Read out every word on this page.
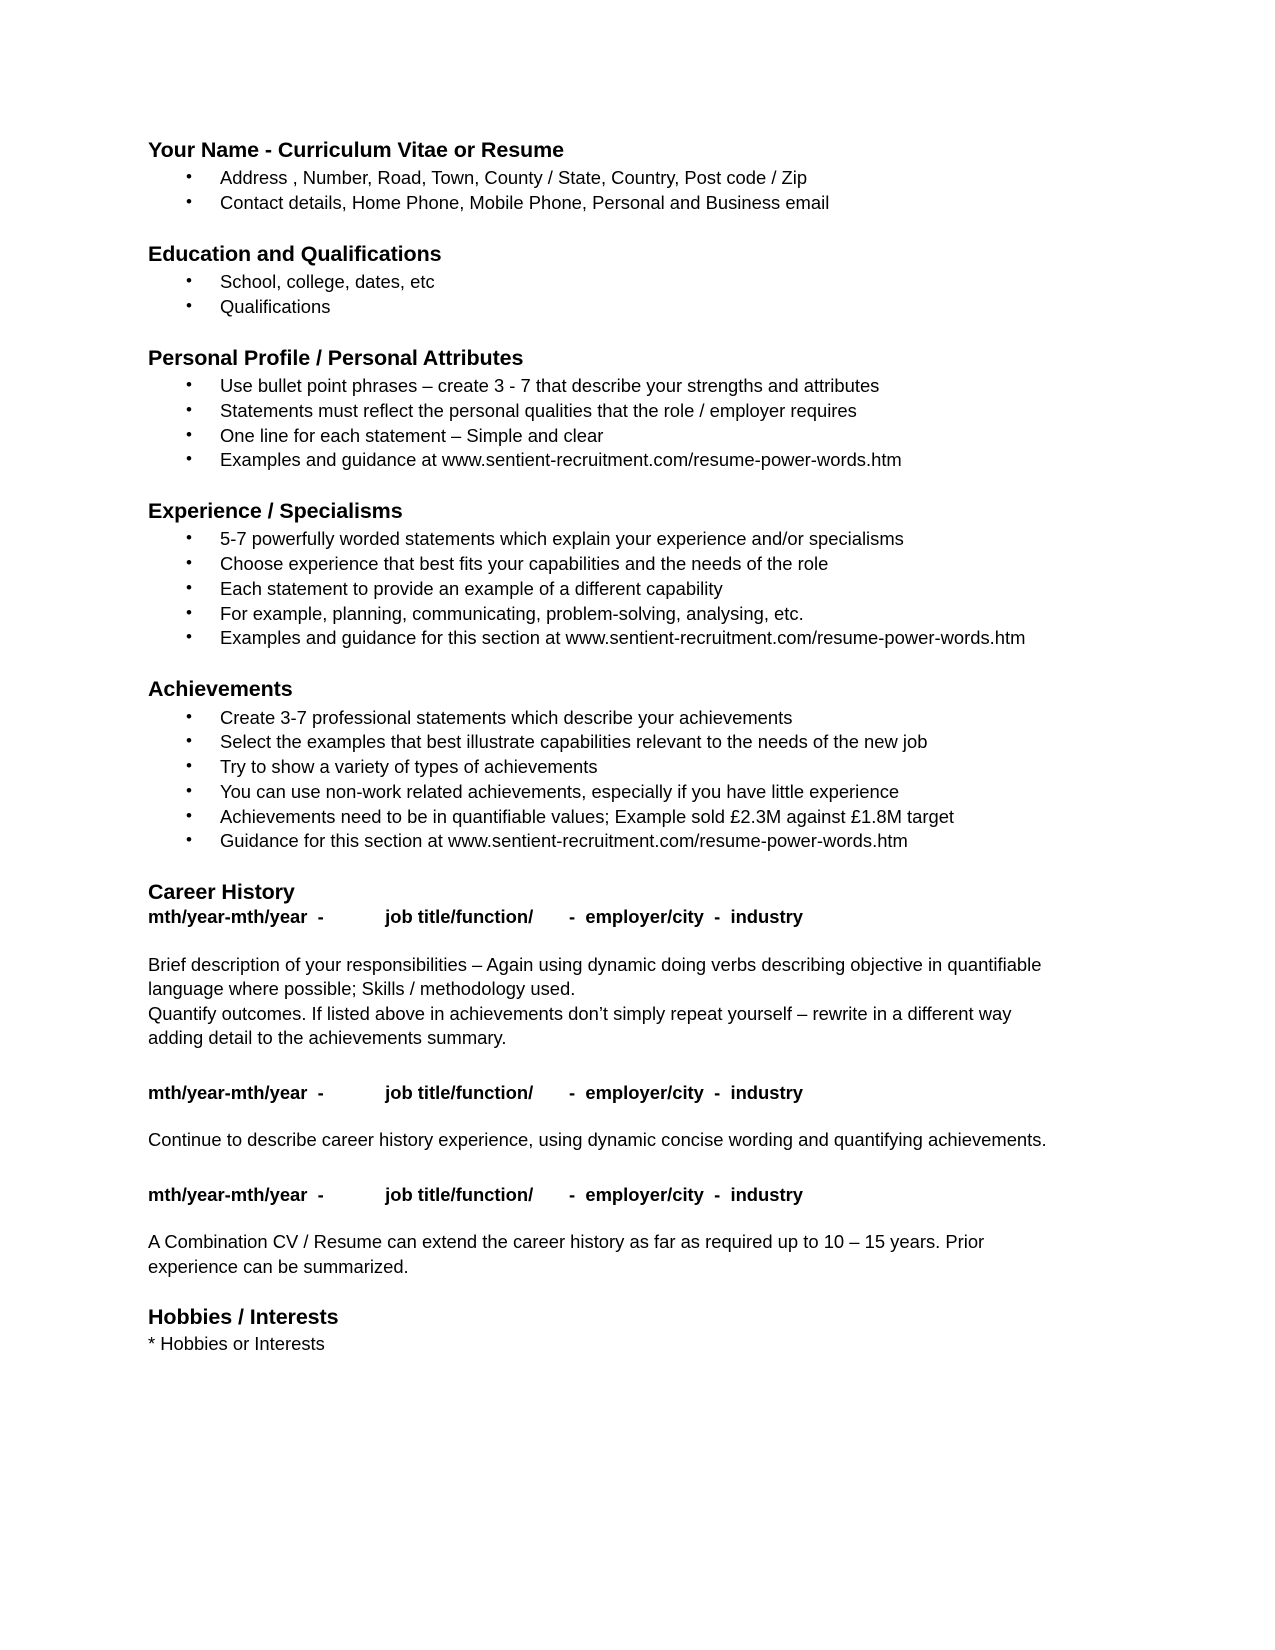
Your Name - Curriculum Vitae or Resume
• Address , Number, Road, Town, County / State, Country, Post code / Zip
• Contact details, Home Phone, Mobile Phone, Personal and Business email
Education and Qualifications
• School, college, dates, etc
• Qualifications
Personal Profile / Personal Attributes
• Use bullet point phrases – create 3 - 7 that describe your strengths and attributes
• Statements must reflect the personal qualities that the role / employer requires
• One line for each statement – Simple and clear
• Examples and guidance at www.sentient-recruitment.com/resume-power-words.htm
Experience / Specialisms
• 5-7 powerfully worded statements which explain your experience and/or specialisms
• Choose experience that best fits your capabilities and the needs of the role
• Each statement to provide an example of a different capability
• For example, planning, communicating, problem-solving, analysing, etc.
• Examples and guidance for this section at www.sentient-recruitment.com/resume-power-words.htm
Achievements
• Create 3-7 professional statements which describe your achievements
• Select the examples that best illustrate capabilities relevant to the needs of the new job
• Try to show a variety of types of achievements
• You can use non-work related achievements, especially if you have little experience
• Achievements need to be in quantifiable values; Example sold £2.3M against £1.8M target
• Guidance for this section at www.sentient-recruitment.com/resume-power-words.htm
Career History

mth/year-mth/year  -            job title/function/       -  employer/city  -  industry

Brief description of your responsibilities – Again using dynamic doing verbs describing objective in quantifiable language where possible; Skills / methodology used.

Quantify outcomes. If listed above in achievements don’t simply repeat yourself – rewrite in a different way adding detail to the achievements summary.

mth/year-mth/year  -            job title/function/       -  employer/city  -  industry

Continue to describe career history experience, using dynamic concise wording and quantifying achievements.

mth/year-mth/year  -            job title/function/       -  employer/city  -  industry

A Combination CV / Resume can extend the career history as far as required up to 10 – 15 years. Prior experience can be summarized.

Hobbies / Interests

* Hobbies or Interests
